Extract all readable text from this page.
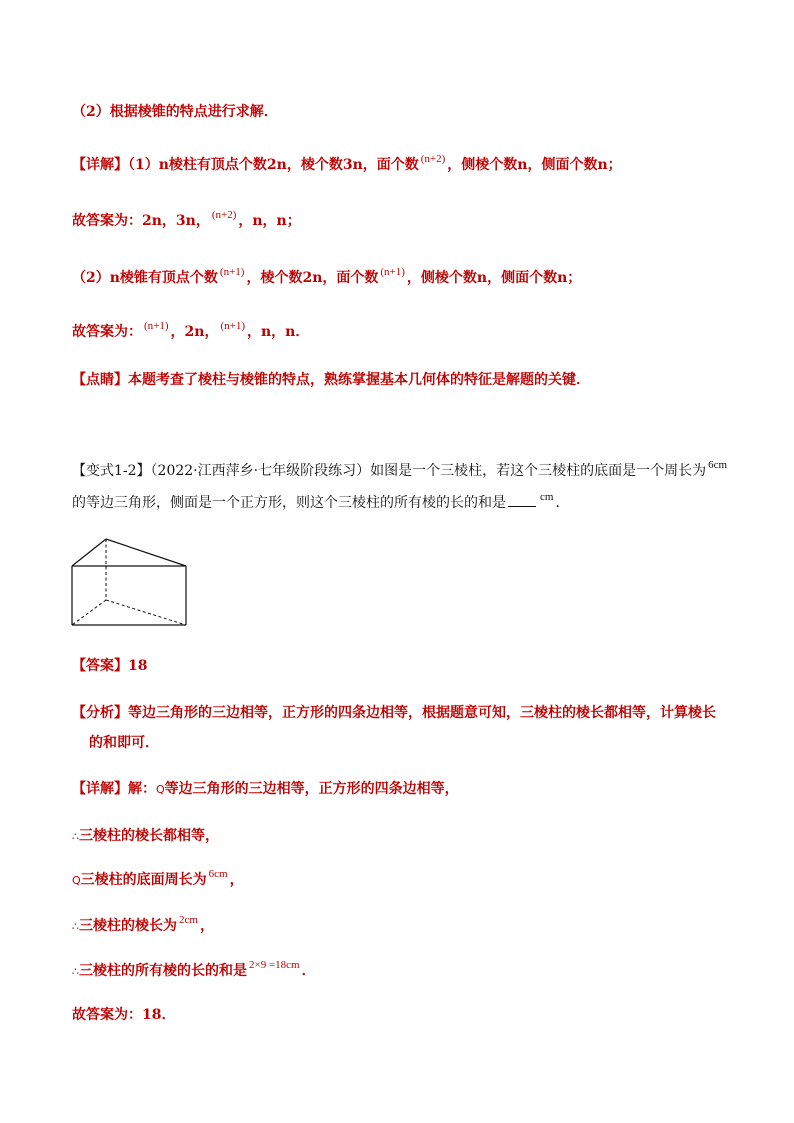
（2）根据棱锥的特点进行求解．
【详解】（1）n棱柱有顶点个数2n，棱个数3n，面个数 $^{(n+2)}$ ，侧棱个数n，侧面个数n；
故答案为：2n，3n， $^{(n+2)}$ ，n，n；
（2）n棱锥有顶点个数 $^{(n+1)}$ ，棱个数2n，面个数 $^{(n+1)}$ ，侧棱个数n，侧面个数n；
故答案为： $^{(n+1)}$ ，2n， $^{(n+1)}$ ，n，n．
【点睛】本题考查了棱柱与棱锥的特点，熟练掌握基本几何体的特征是解题的关键．
【变式1-2】（2022·江西萍乡·七年级阶段练习）如图是一个三棱柱，若这个三棱柱的底面是一个周长为 $^{6cm}$
的等边三角形，侧面是一个正方形，则这个三棱柱的所有棱的长的和是	$^{cm}$ ．
【答案】18
【分析】等边三角形的三边相等，正方形的四条边相等，根据题意可知，三棱柱的棱长都相等，计算棱长
的和即可．
【详解】解：Q等边三角形的三边相等，正方形的四条边相等，
∴三棱柱的棱长都相等，
Q三棱柱的底面周长为 $^{6cm}$ ，
∴三棱柱的棱长为 $^{2cm}$ ，
∴三棱柱的所有棱的长的和是 $^{2\times 9 =18cm}$ ．
故答案为：18．
